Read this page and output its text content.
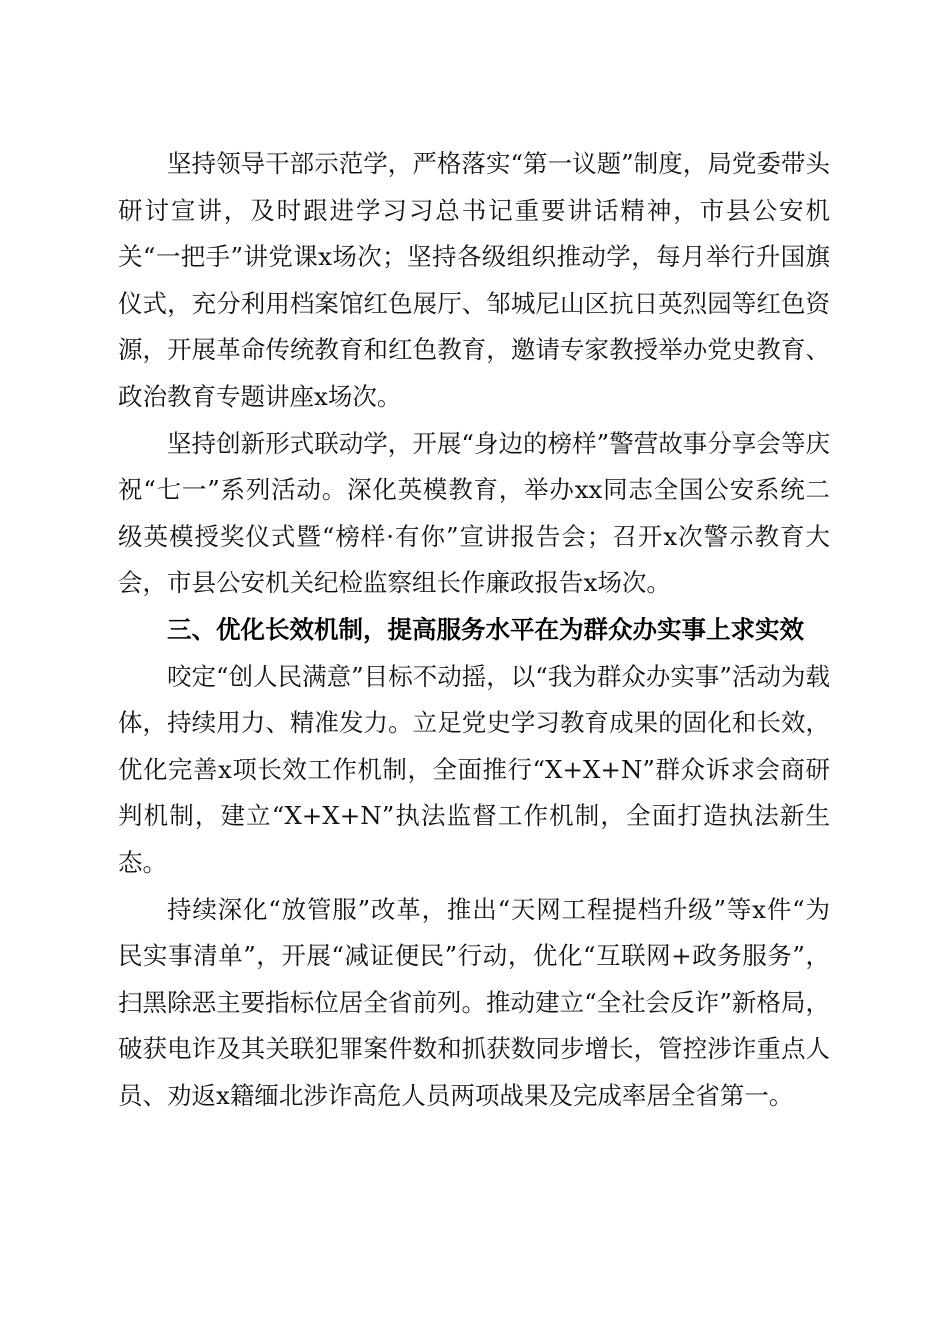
坚持领导干部示范学，严格落实“第一议题”制度，局党委带头研讨宣讲，及时跟进学习习总书记重要讲话精神，市县公安机关“一把手”讲党课x场次；坚持各级组织推动学，每月举行升国旗仪式，充分利用档案馆红色展厅、邹城尼山区抗日英烈园等红色资源，开展革命传统教育和红色教育，邀请专家教授举办党史教育、政治教育专题讲座x场次。

坚持创新形式联动学，开展“身边的榜样”警营故事分享会等庆祝“七一”系列活动。深化英模教育，举办xx同志全国公安系统二级英模授奖仪式暨“榜样·有你”宣讲报告会；召开x次警示教育大会，市县公安机关纪检监察组长作廉政报告x场次。

三、优化长效机制，提高服务水平在为群众办实事上求实效

咬定“创人民满意”目标不动摇，以“我为群众办实事”活动为载体，持续用力、精准发力。立足党史学习教育成果的固化和长效，优化完善x项长效工作机制，全面推行“X+X+N”群众诉求会商研判机制，建立“X+X+N”执法监督工作机制，全面打造执法新生态。

持续深化“放管服”改革，推出“天网工程提档升级”等x件“为民实事清单”，开展“减证便民”行动，优化“互联网+政务服务”，扫黑除恶主要指标位居全省前列。推动建立“全社会反诈”新格局，破获电诈及其关联犯罪案件数和抓获数同步增长，管控涉诈重点人员、劝返x籍缅北涉诈高危人员两项战果及完成率居全省第一。
